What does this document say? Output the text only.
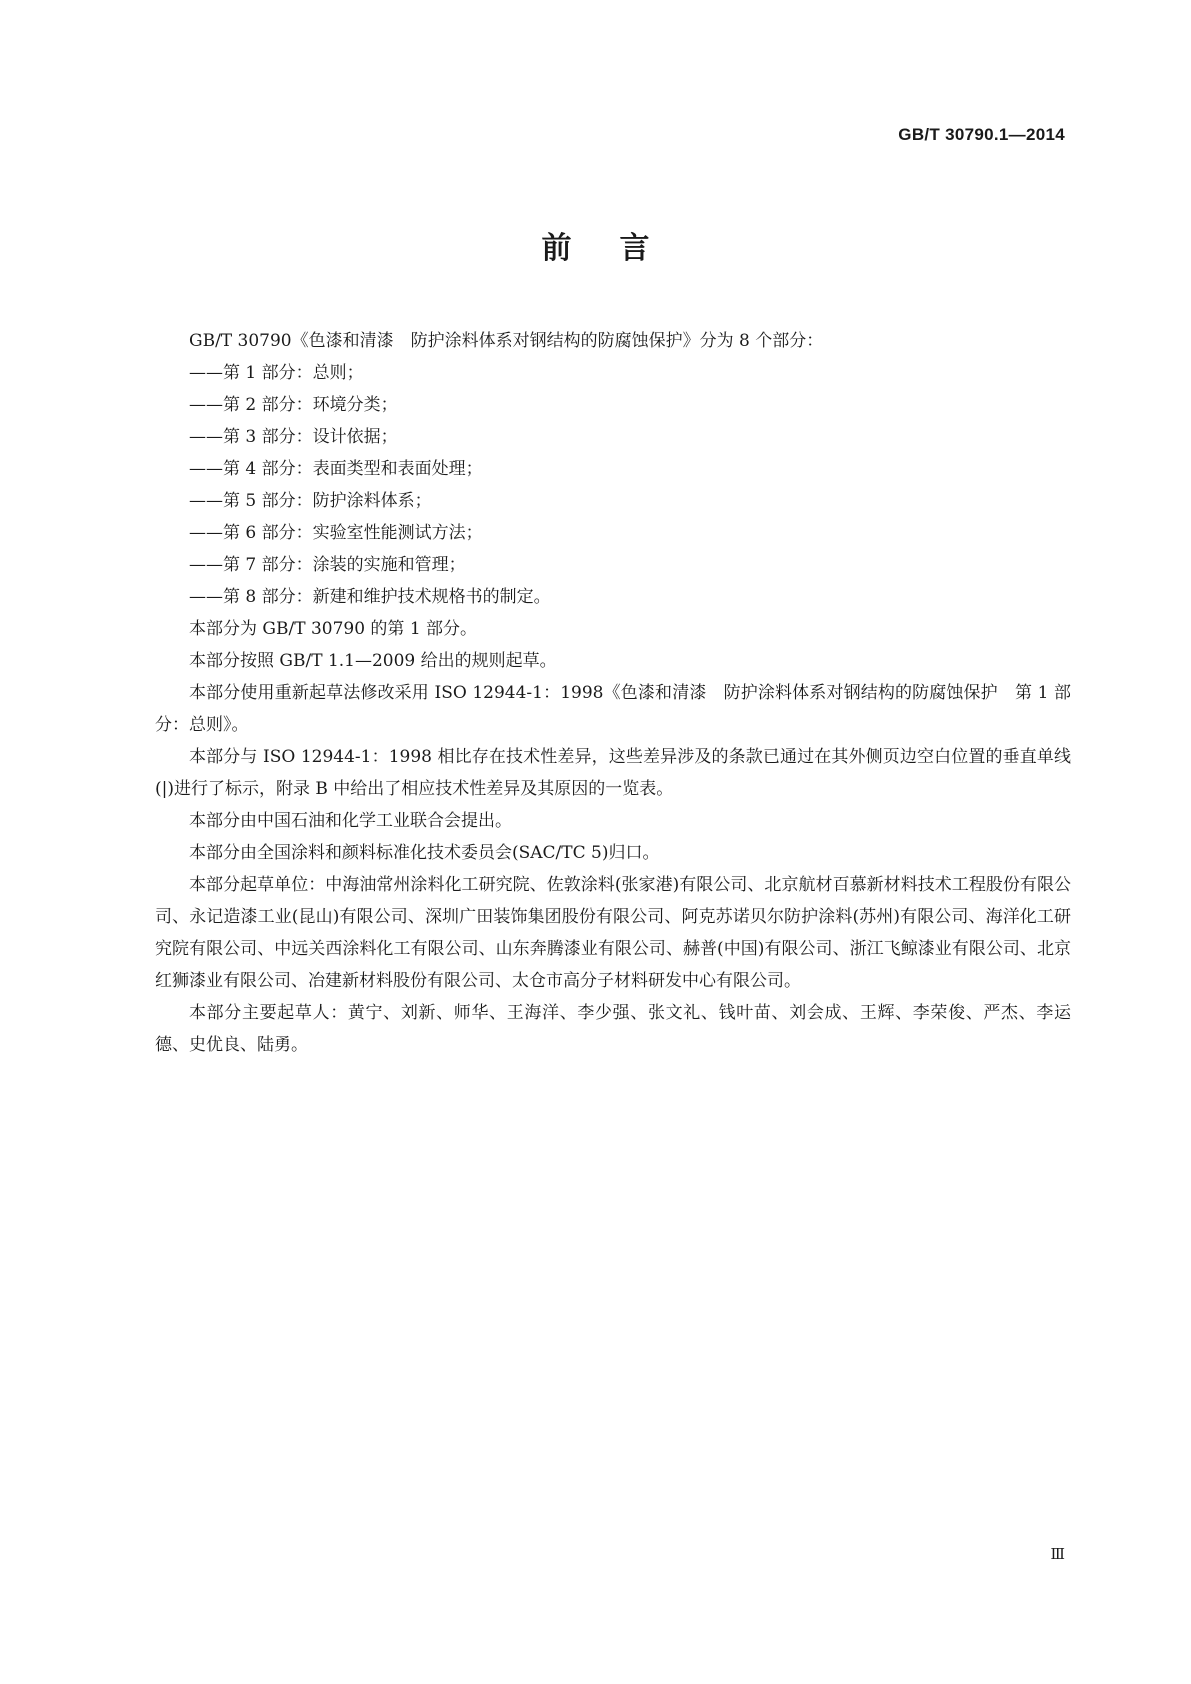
GB/T 30790.1—2014
前言

GB/T 30790《色漆和清漆　防护涂料体系对钢结构的防腐蚀保护》分为 8 个部分：

——第 1 部分：总则；

——第 2 部分：环境分类；

——第 3 部分：设计依据；

——第 4 部分：表面类型和表面处理；

——第 5 部分：防护涂料体系；

——第 6 部分：实验室性能测试方法；

——第 7 部分：涂装的实施和管理；

——第 8 部分：新建和维护技术规格书的制定。

本部分为 GB/T 30790 的第 1 部分。

本部分按照 GB/T 1.1—2009 给出的规则起草。

本部分使用重新起草法修改采用 ISO 12944-1：1998《色漆和清漆　防护涂料体系对钢结构的防腐蚀保护　第 1 部分：总则》。

本部分与 ISO 12944-1：1998 相比存在技术性差异，这些差异涉及的条款已通过在其外侧页边空白位置的垂直单线(|)进行了标示，附录 B 中给出了相应技术性差异及其原因的一览表。

本部分由中国石油和化学工业联合会提出。

本部分由全国涂料和颜料标准化技术委员会(SAC/TC 5)归口。

本部分起草单位：中海油常州涂料化工研究院、佐敦涂料(张家港)有限公司、北京航材百慕新材料技术工程股份有限公司、永记造漆工业(昆山)有限公司、深圳广田装饰集团股份有限公司、阿克苏诺贝尔防护涂料(苏州)有限公司、海洋化工研究院有限公司、中远关西涂料化工有限公司、山东奔腾漆业有限公司、赫普(中国)有限公司、浙江飞鲸漆业有限公司、北京红狮漆业有限公司、冶建新材料股份有限公司、太仓市高分子材料研发中心有限公司。

本部分主要起草人：黄宁、刘新、师华、王海洋、李少强、张文礼、钱叶苗、刘会成、王辉、李荣俊、严杰、李运德、史优良、陆勇。

Ⅲ
